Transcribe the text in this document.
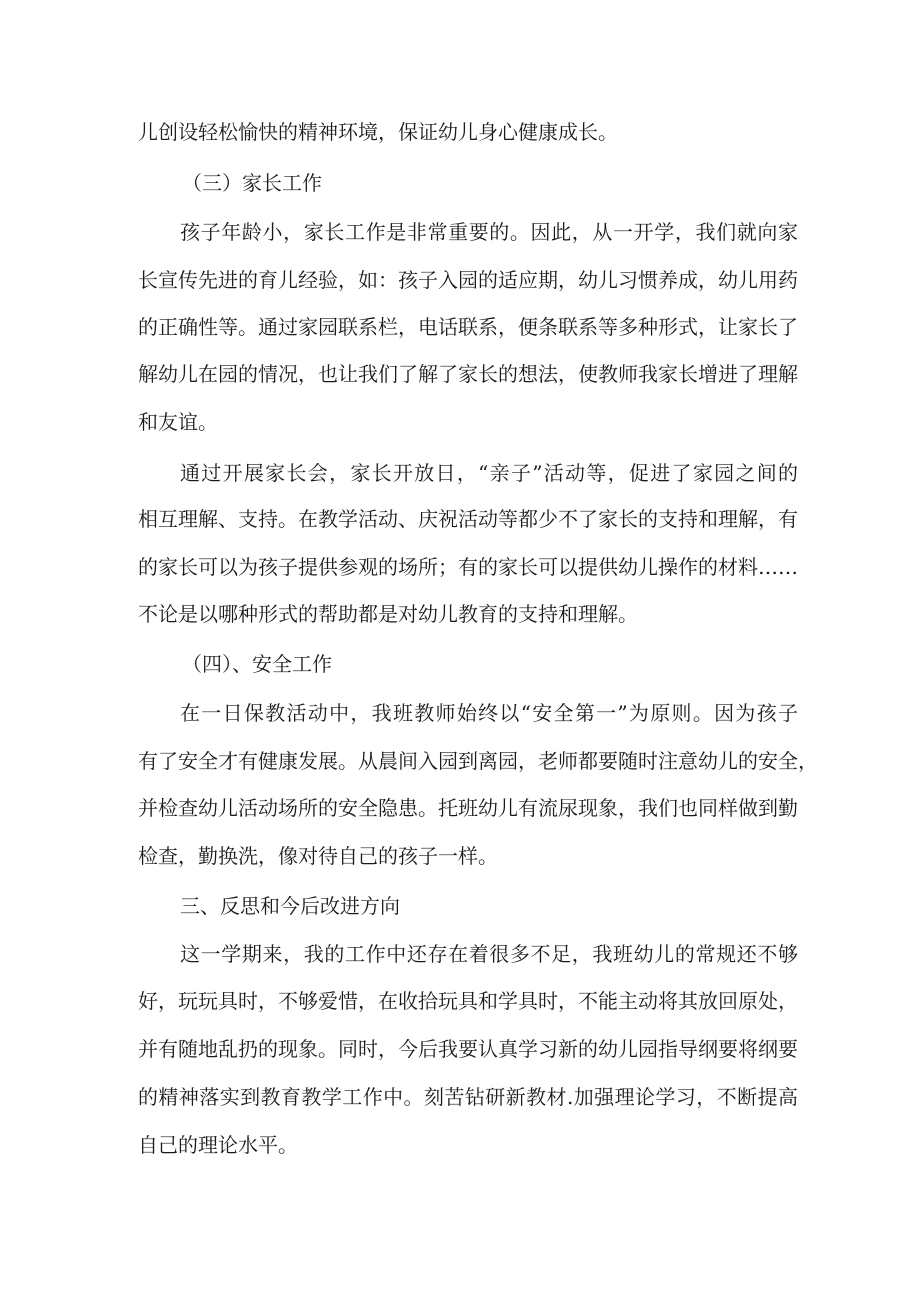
儿创设轻松愉快的精神环境，保证幼儿身心健康成长。
（三）家长工作
孩子年龄小，家长工作是非常重要的。因此，从一开学，我们就向家
长宣传先进的育儿经验，如：孩子入园的适应期，幼儿习惯养成，幼儿用药
的正确性等。通过家园联系栏，电话联系，便条联系等多种形式，让家长了
解幼儿在园的情况，也让我们了解了家长的想法，使教师我家长增进了理解
和友谊。
通过开展家长会，家长开放日，“亲子”活动等，促进了家园之间的
相互理解、支持。在教学活动、庆祝活动等都少不了家长的支持和理解，有
的家长可以为孩子提供参观的场所；有的家长可以提供幼儿操作的材料……
不论是以哪种形式的帮助都是对幼儿教育的支持和理解。
（四）、安全工作
在一日保教活动中，我班教师始终以“安全第一”为原则。因为孩子
有了安全才有健康发展。从晨间入园到离园，老师都要随时注意幼儿的安全，
并检查幼儿活动场所的安全隐患。托班幼儿有流尿现象，我们也同样做到勤
检查，勤换洗，像对待自己的孩子一样。
三、反思和今后改进方向
这一学期来，我的工作中还存在着很多不足，我班幼儿的常规还不够
好，玩玩具时，不够爱惜，在收拾玩具和学具时，不能主动将其放回原处，
并有随地乱扔的现象。同时，今后我要认真学习新的幼儿园指导纲要将纲要
的精神落实到教育教学工作中。刻苦钻研新教材.加强理论学习，不断提高
自己的理论水平。
